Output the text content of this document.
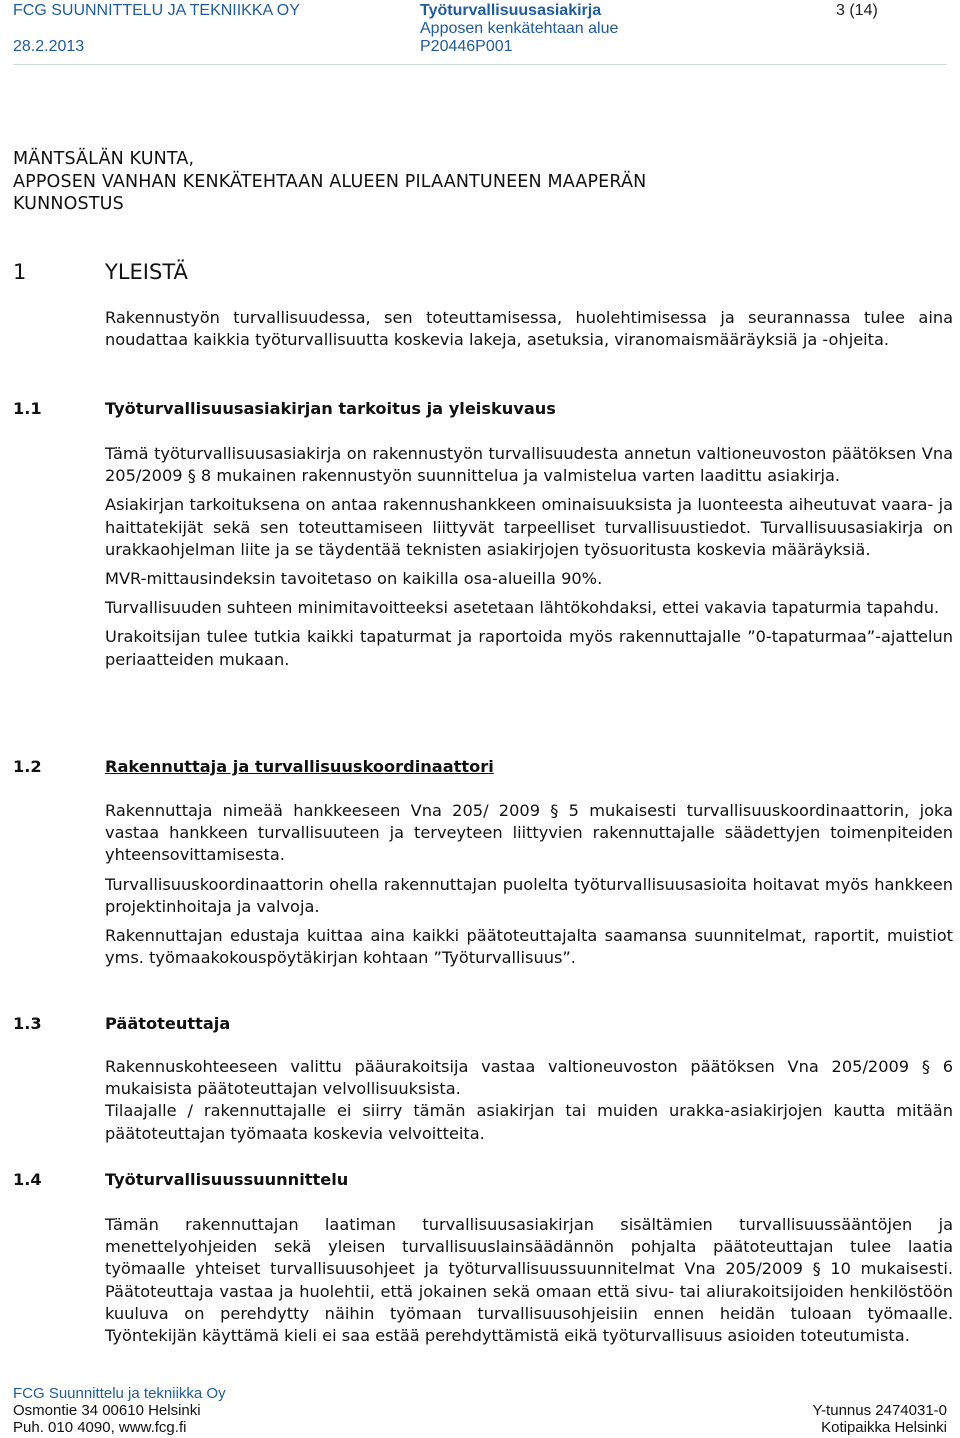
FCG SUUNNITTELU JA TEKNIIKKA OY
28.2.2013
Työturvallisuusasiakirja
Apposen kenkätehtaan alue
P20446P001
3 (14)
MÄNTSÄLÄN KUNTA,
APPOSEN VANHAN KENKÄTEHTAAN ALUEEN PILAANTUNEEN MAAPERÄN
KUNNOSTUS
1	YLEISTÄ

Rakennustyön turvallisuudessa, sen toteuttamisessa, huolehtimisessa ja seurannassa tulee aina noudattaa kaikkia työturvallisuutta koskevia lakeja, asetuksia, viranomaismääräyksiä ja -ohjeita.

1.1	Työturvallisuusasiakirjan tarkoitus ja yleiskuvaus

Tämä työturvallisuusasiakirja on rakennustyön turvallisuudesta annetun valtioneuvoston päätöksen Vna 205/2009 § 8 mukainen rakennustyön suunnittelua ja valmistelua varten laadittu asiakirja.

Asiakirjan tarkoituksena on antaa rakennushankkeen ominaisuuksista ja luonteesta aiheutuvat vaara- ja haittatekijät sekä sen toteuttamiseen liittyvät tarpeelliset turvallisuustiedot. Turvallisuusasiakirja on urakkaohjelman liite ja se täydentää teknisten asiakirjojen työsuoritusta koskevia määräyksiä.

MVR-mittausindeksin tavoitetaso on kaikilla osa-alueilla 90%.

Turvallisuuden suhteen minimitavoitteeksi asetetaan lähtökohdaksi, ettei vakavia tapaturmia tapahdu.

Urakoitsijan tulee tutkia kaikki tapaturmat ja raportoida myös rakennuttajalle ”0-tapaturmaa”-ajattelun periaatteiden mukaan.

1.2	Rakennuttaja ja turvallisuuskoordinaattori

Rakennuttaja nimeää hankkeeseen Vna 205/ 2009 § 5 mukaisesti turvallisuuskoordinaattorin, joka vastaa hankkeen turvallisuuteen ja terveyteen liittyvien rakennuttajalle säädettyjen toimenpiteiden yhteensovittamisesta.

Turvallisuuskoordinaattorin ohella rakennuttajan puolelta työturvallisuusasioita hoitavat myös hankkeen projektinhoitaja ja valvoja.

Rakennuttajan edustaja kuittaa aina kaikki päätoteuttajalta saamansa suunnitelmat, raportit, muistiot yms. työmaakokouspöytäkirjan kohtaan ”Työturvallisuus”.

1.3	Päätoteuttaja

Rakennuskohteeseen valittu pääurakoitsija vastaa valtioneuvoston päätöksen Vna 205/2009 § 6 mukaisista päätoteuttajan velvollisuuksista.

Tilaajalle / rakennuttajalle ei siirry tämän asiakirjan tai muiden urakka-asiakirjojen kautta mitään päätoteuttajan työmaata koskevia velvoitteita.

1.4	Työturvallisuussuunnittelu

Tämän rakennuttajan laatiman turvallisuusasiakirjan sisältämien turvallisuussääntöjen ja menettelyohjeiden sekä yleisen turvallisuuslainsäädännön pohjalta päätoteuttajan tulee laatia työmaalle yhteiset turvallisuusohjeet ja työturvallisuussuunnitelmat Vna 205/2009 § 10 mukaisesti. Päätoteuttaja vastaa ja huolehtii, että jokainen sekä omaan että sivu- tai aliurakoitsijoiden henkilöstöön kuuluva on perehdytty näihin työmaan turvallisuusohjeisiin ennen heidän tuloaan työmaalle. Työntekijän käyttämä kieli ei saa estää perehdyttämistä eikä työturvallisuus asioiden toteutumista.

FCG Suunnittelu ja tekniikka Oy
Osmontie 34 00610 Helsinki
Puh. 010 4090, www.fcg.fi
Y-tunnus 2474031-0
Kotipaikka Helsinki
